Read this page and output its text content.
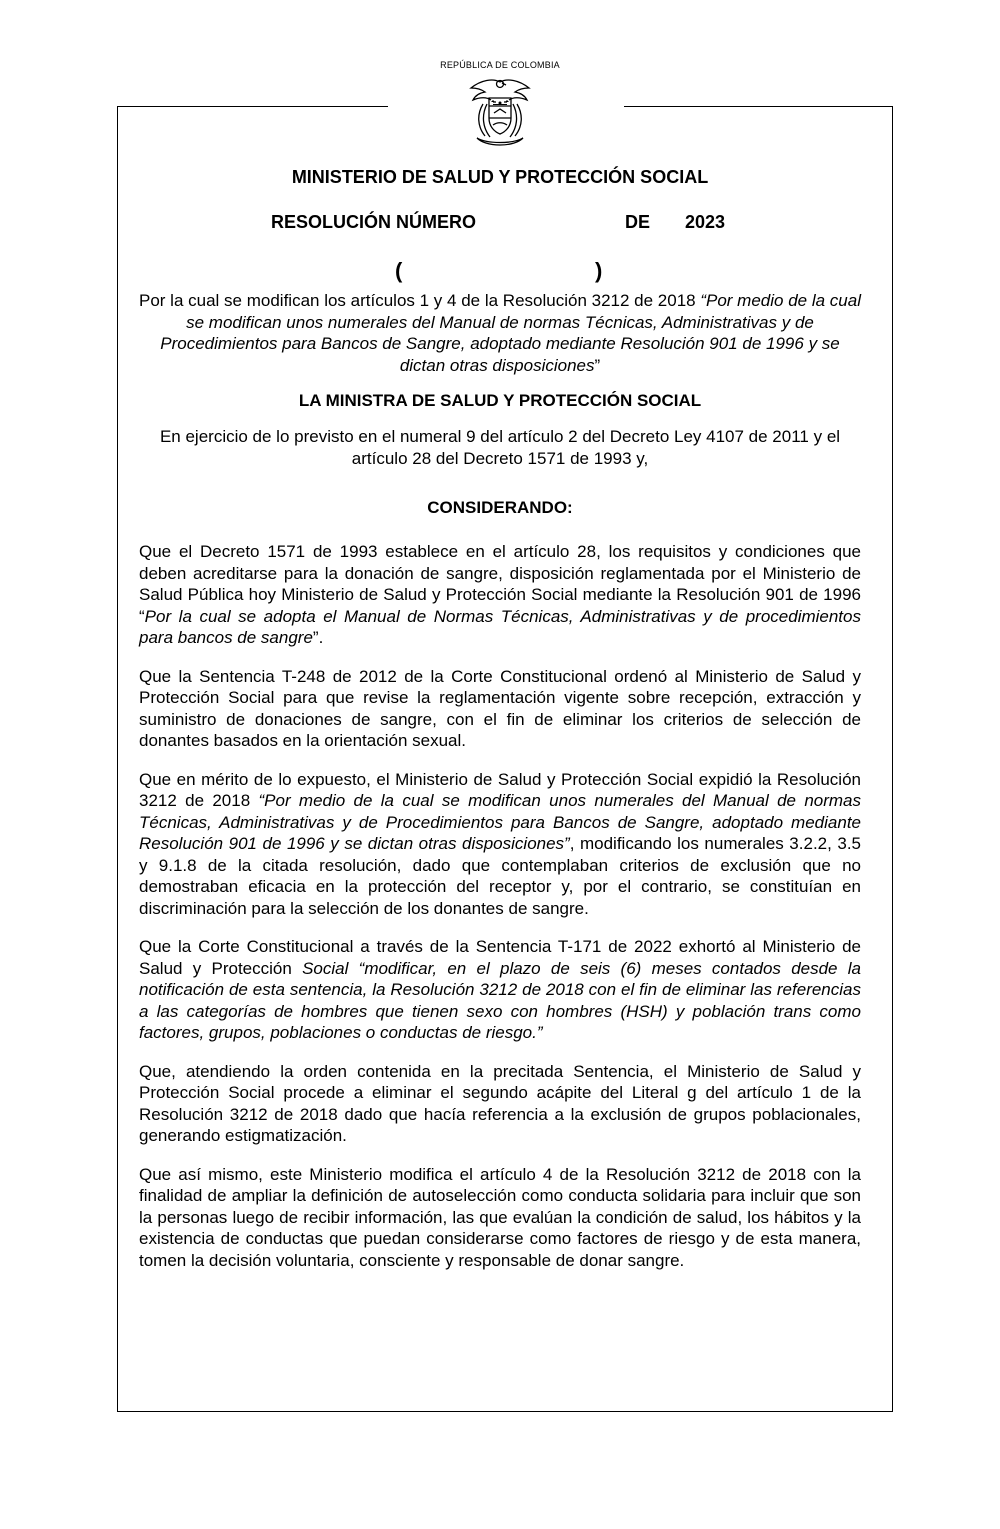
REPÚBLICA DE COLOMBIA
MINISTERIO DE SALUD Y PROTECCIÓN SOCIAL
RESOLUCIÓN NÚMERO	DE 2023
(	)
Por la cual se modifican los artículos 1 y 4 de la Resolución 3212 de 2018 “Por medio de la cual se modifican unos numerales del Manual de normas Técnicas, Administrativas y de Procedimientos para Bancos de Sangre, adoptado mediante Resolución 901 de 1996 y se dictan otras disposiciones”
LA MINISTRA DE SALUD Y PROTECCIÓN SOCIAL
En ejercicio de lo previsto en el numeral 9 del artículo 2 del Decreto Ley 4107 de 2011 y el artículo 28 del Decreto 1571 de 1993 y,
CONSIDERANDO:
Que el Decreto 1571 de 1993 establece en el artículo 28, los requisitos y condiciones que deben acreditarse para la donación de sangre, disposición reglamentada por el Ministerio de Salud Pública hoy Ministerio de Salud y Protección Social mediante la Resolución 901 de 1996 “Por la cual se adopta el Manual de Normas Técnicas, Administrativas y de procedimientos para bancos de sangre”.
Que la Sentencia T-248 de 2012 de la Corte Constitucional ordenó al Ministerio de Salud y Protección Social para que revise la reglamentación vigente sobre recepción, extracción y suministro de donaciones de sangre, con el fin de eliminar los criterios de selección de donantes basados en la orientación sexual.
Que en mérito de lo expuesto, el Ministerio de Salud y Protección Social expidió la Resolución 3212 de 2018 “Por medio de la cual se modifican unos numerales del Manual de normas Técnicas, Administrativas y de Procedimientos para Bancos de Sangre, adoptado mediante Resolución 901 de 1996 y se dictan otras disposiciones”, modificando los numerales 3.2.2, 3.5 y 9.1.8 de la citada resolución, dado que contemplaban criterios de exclusión que no demostraban eficacia en la protección del receptor y, por el contrario, se constituían en discriminación para la selección de los donantes de sangre.
Que la Corte Constitucional a través de la Sentencia T-171 de 2022 exhortó al Ministerio de Salud y Protección Social “modificar, en el plazo de seis (6) meses contados desde la notificación de esta sentencia, la Resolución 3212 de 2018 con el fin de eliminar las referencias a las categorías de hombres que tienen sexo con hombres (HSH) y población trans como factores, grupos, poblaciones o conductas de riesgo.”
Que, atendiendo la orden contenida en la precitada Sentencia, el Ministerio de Salud y Protección Social procede a eliminar el segundo acápite del Literal g del artículo 1 de la Resolución 3212 de 2018 dado que hacía referencia a la exclusión de grupos poblacionales, generando estigmatización.
Que así mismo, este Ministerio modifica el artículo 4 de la Resolución 3212 de 2018 con la finalidad de ampliar la definición de autoselección como conducta solidaria para incluir que son la personas luego de recibir información, las que evalúan la condición de salud, los hábitos y la existencia de conductas que puedan considerarse como factores de riesgo y de esta manera, tomen la decisión voluntaria, consciente y responsable de donar sangre.
